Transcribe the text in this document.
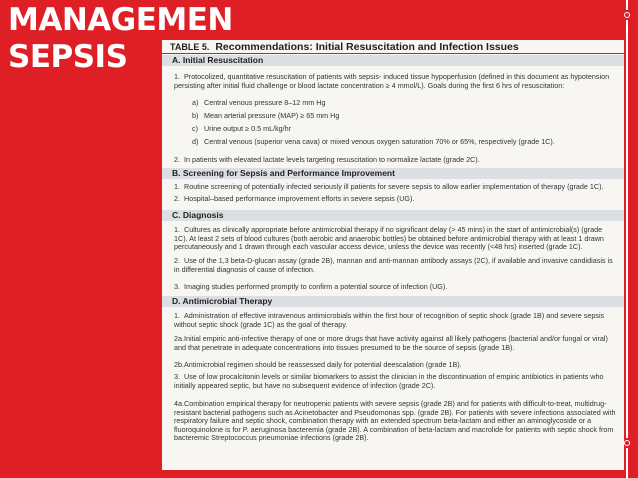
MANAGEMEN
SEPSIS	TABLE 5. Recommendations: Initial Resuscitation and Infection Issues
A. Initial Resuscitation
1. Protocolized, quantitative resuscitation of patients with sepsis- induced tissue hypoperfusion (defined in this document as hypotension persisting after initial fluid challenge or blood lactate concentration ≥ 4 mmol/L). Goals during the first 6 hrs of resuscitation:
a) Central venous pressure 8–12 mm Hg
b) Mean arterial pressure (MAP) ≥ 65 mm Hg
c) Urine output ≥ 0.5 mL/kg/hr
d) Central venous (superior vena cava) or mixed venous oxygen saturation 70% or 65%, respectively (grade 1C).
2. In patients with elevated lactate levels targeting resuscitation to normalize lactate (grade 2C).
B. Screening for Sepsis and Performance Improvement
1. Routine screening of potentially infected seriously ill patients for severe sepsis to allow earlier implementation of therapy (grade 1C).
2. Hospital–based performance improvement efforts in severe sepsis (UG).
C. Diagnosis
1. Cultures as clinically appropriate before antimicrobial therapy if no significant delay (> 45 mins) in the start of antimicrobial(s) (grade 1C). At least 2 sets of blood cultures (both aerobic and anaerobic bottles) be obtained before antimicrobial therapy with at least 1 drawn percutaneously and 1 drawn through each vascular access device, unless the device was recently (<48 hrs) inserted (grade 1C).
2. Use of the 1,3 beta-D-glucan assay (grade 2B), mannan and anti-mannan antibody assays (2C), if available and invasive candidiasis is in differential diagnosis of cause of infection.
3. Imaging studies performed promptly to confirm a potential source of infection (UG).
D. Antimicrobial Therapy
1. Administration of effective intravenous antimicrobials within the first hour of recognition of septic shock (grade 1B) and severe sepsis without septic shock (grade 1C) as the goal of therapy.
2a.Initial empiric anti-infective therapy of one or more drugs that have activity against all likely pathogens (bacterial and/or fungal or viral) and that penetrate in adequate concentrations into tissues presumed to be the source of sepsis (grade 1B).
2b.Antimicrobial regimen should be reassessed daily for potential deescalation (grade 1B).
3. Use of low procalcitonin levels or similar biomarkers to assist the clinician in the discontinuation of empiric antibiotics in patients who initially appeared septic, but have no subsequent evidence of infection (grade 2C).
4a.Combination empirical therapy for neutropenic patients with severe sepsis (grade 2B) and for patients with difficult-to-treat, multidrug-resistant bacterial pathogens such as Acinetobacter and Pseudomonas spp. (grade 2B). For patients with severe infections associated with respiratory failure and septic shock, combination therapy with an extended spectrum beta-lactam and either an aminoglycoside or a fluoroquinolone is for P. aeruginosa bacteremia (grade 2B). A combination of beta-lactam and macrolide for patients with septic shock from bacteremic Streptococcus pneumoniae infections (grade 2B).
